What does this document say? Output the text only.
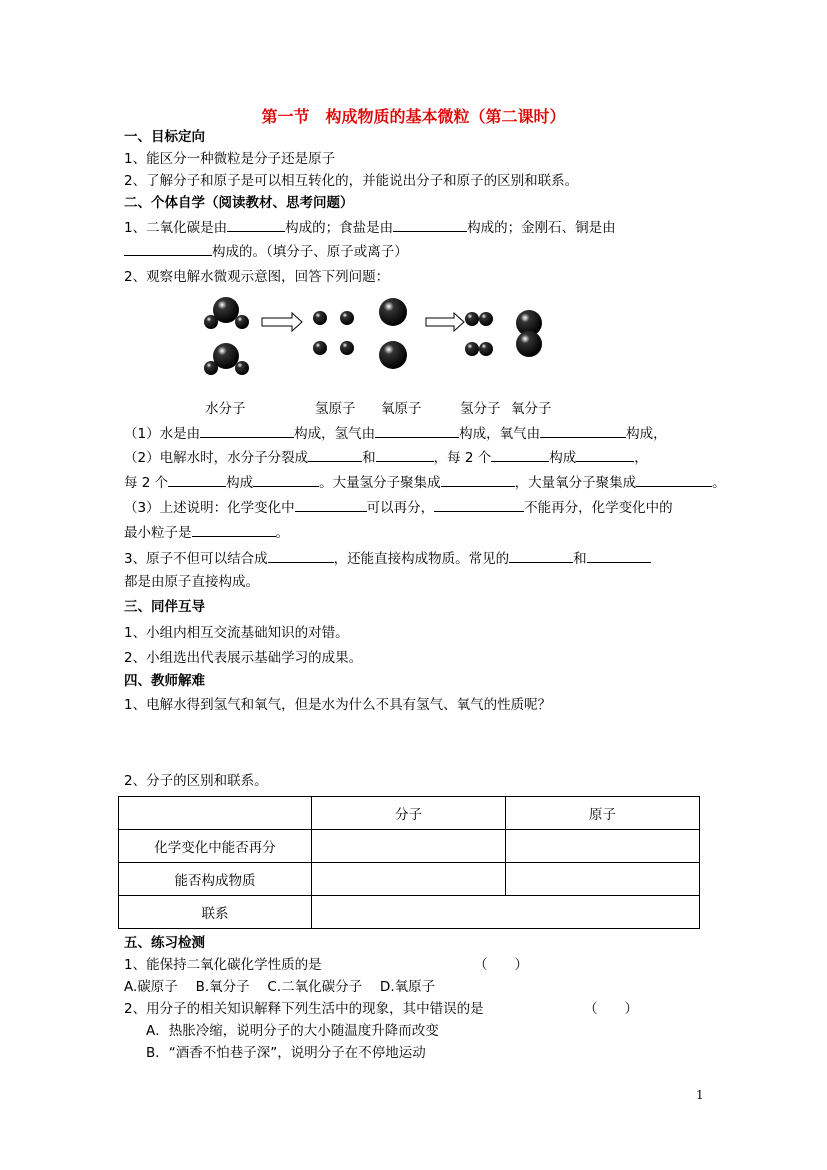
第一节　构成物质的基本微粒（第二课时）
一、目标定向
1、能区分一种微粒是分子还是原子
2、了解分子和原子是可以相互转化的，并能说出分子和原子的区别和联系。
二、个体自学（阅读教材、思考问题）
1、二氧化碳是由	构成的；食盐是由	构成的；金刚石、铜是由
构成的。（填分子、原子或离子）
2、观察电解水微观示意图，回答下列问题：
水分子	氢原子 氧原子	氢分子 氧分子
（1）水是由	构成，氢气由	构成，氧气由	构成，
（2）电解水时，水分子分裂成	和	，每 2 个	构成	，
每 2 个	构成	。大量氢分子聚集成	，大量氧分子聚集成	。
（3）上述说明：化学变化中	可以再分，	不能再分，化学变化中的
最小粒子是	。
3、原子不但可以结合成	，还能直接构成物质。常见的	和
都是由原子直接构成。
三、同伴互导
1、小组内相互交流基础知识的对错。
2、小组选出代表展示基础学习的成果。
四、教师解难
1、电解水得到氢气和氧气，但是水为什么不具有氢气、氧气的性质呢？
2、分子的区别和联系。
	分子	原子
化学变化中能否再分		
能否构成物质		
联系		
五、练习检测
1、能保持二氧化碳化学性质的是	（　　）
A.碳原子　 B.氧分子　 C.二氧化碳分子　 D.氧原子
2、用分子的相关知识解释下列生活中的现象，其中错误的是	（　　）
A．热胀冷缩，说明分子的大小随温度升降而改变
B．“酒香不怕巷子深”，说明分子在不停地运动
1
